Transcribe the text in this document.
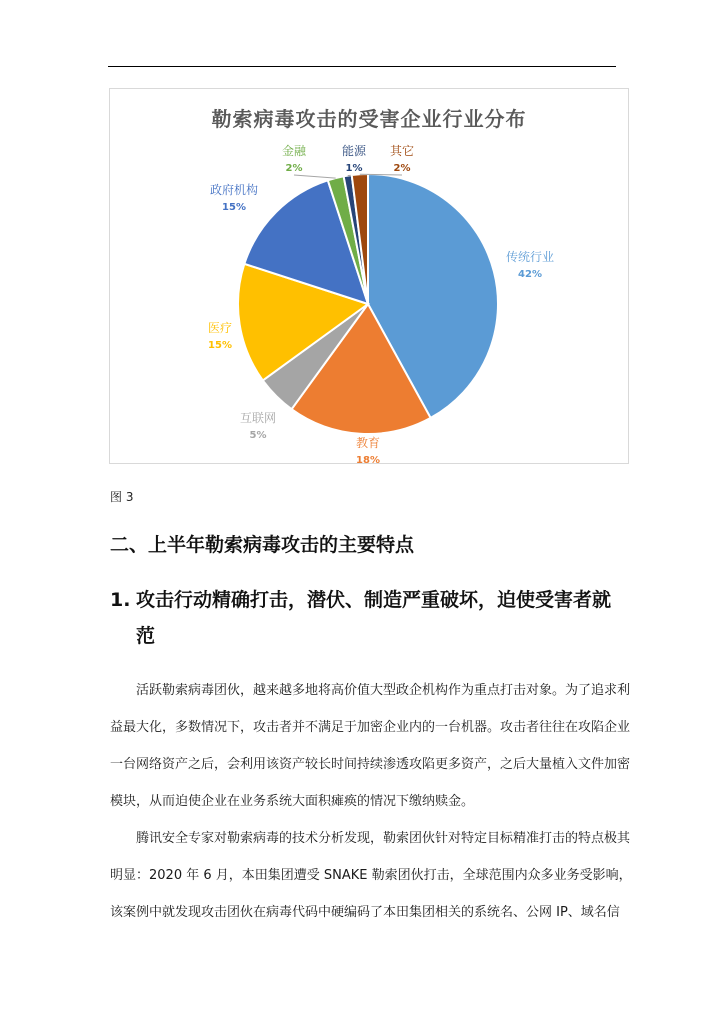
勒索病毒攻击的受害企业行业分布
传统行业
42%
教育
18%
互联网
5%
医疗
15%
政府机构
15%
金融
2%
能源
1%
其它
2%
图 3
二、上半年勒索病毒攻击的主要特点
1. 攻击行动精确打击，潜伏、制造严重破坏，迫使受害者就
范
　　活跃勒索病毒团伙，越来越多地将高价值大型政企机构作为重点打击对象。为了追求利
益最大化，多数情况下，攻击者并不满足于加密企业内的一台机器。攻击者往往在攻陷企业
一台网络资产之后，会利用该资产较长时间持续渗透攻陷更多资产，之后大量植入文件加密
模块，从而迫使企业在业务系统大面积瘫痪的情况下缴纳赎金。
　　腾讯安全专家对勒索病毒的技术分析发现，勒索团伙针对特定目标精准打击的特点极其
明显：2020 年 6 月，本田集团遭受 SNAKE 勒索团伙打击，全球范围内众多业务受影响，
该案例中就发现攻击团伙在病毒代码中硬编码了本田集团相关的系统名、公网 IP、域名信
